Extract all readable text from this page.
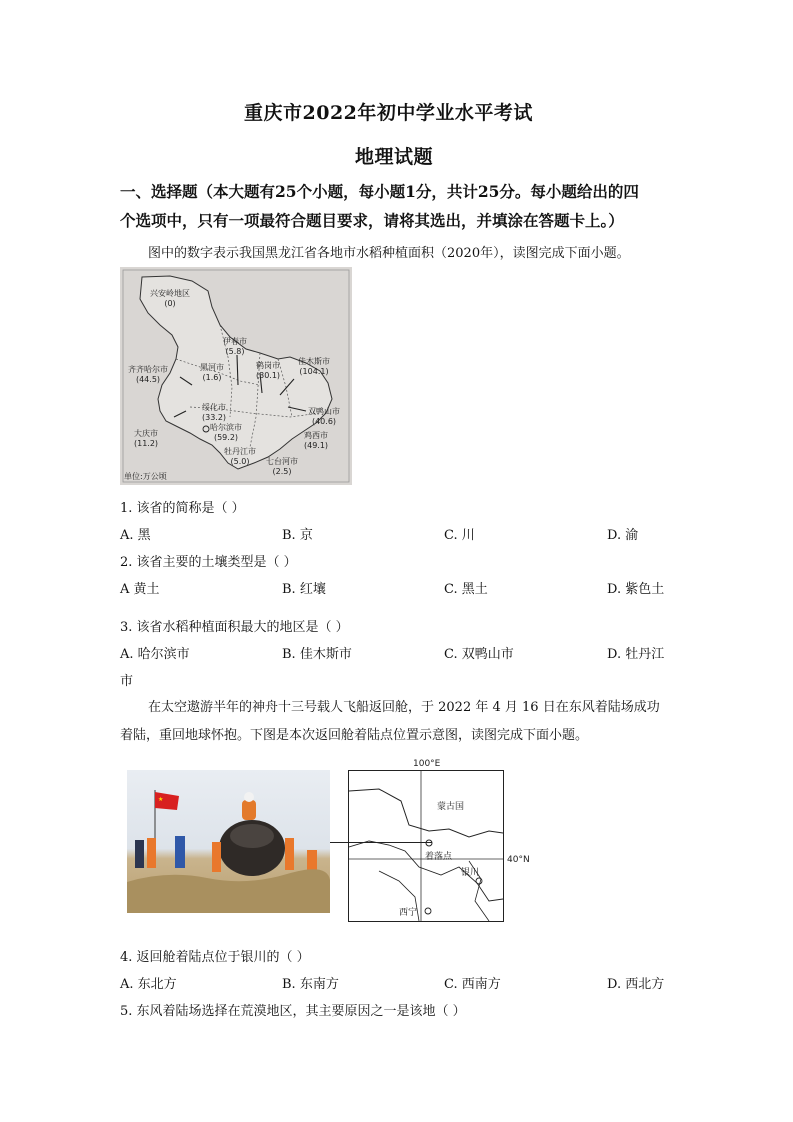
重庆市2022年初中学业水平考试
地理试题
一、选择题（本大题有25个小题，每小题1分，共计25分。每小题给出的四
个选项中，只有一项最符合题目要求，请将其选出，并填涂在答题卡上。）
图中的数字表示我国黑龙江省各地市水稻种植面积（2020年），读图完成下面小题。
兴安岭地区
(0)
伊春市
(5.8)
齐齐哈尔市
(44.5)
黑河市
(1.6)
鹤岗市
(30.1)
佳木斯市
(104.1)
绥化市
(33.2)
双鸭山市
(40.6)
哈尔滨市
(59.2)	鸡西市
(49.1)
大庆市
(11.2)
牡丹江市
(5.0)	七台河市
(2.5)
单位:万公顷
1. 该省的简称是（ ）
A. 黑	B. 京	C. 川	D. 渝
2. 该省主要的土壤类型是（ ）
A 黄土	B. 红壤	C. 黑土	D. 紫色土
3. 该省水稻种植面积最大的地区是（ ）
A. 哈尔滨市	B. 佳木斯市	C. 双鸭山市	D. 牡丹江
市
在太空遨游半年的神舟十三号载人飞船返回舱，于 2022 年 4 月 16 日在东风着陆场成功
着陆，重回地球怀抱。下图是本次返回舱着陆点位置示意图，读图完成下面小题。
★
100°E
蒙古国
着落点	40°N
银川
西宁
4. 返回舱着陆点位于银川的（ ）
A. 东北方	B. 东南方	C. 西南方	D. 西北方
5. 东风着陆场选择在荒漠地区，其主要原因之一是该地（ ）
